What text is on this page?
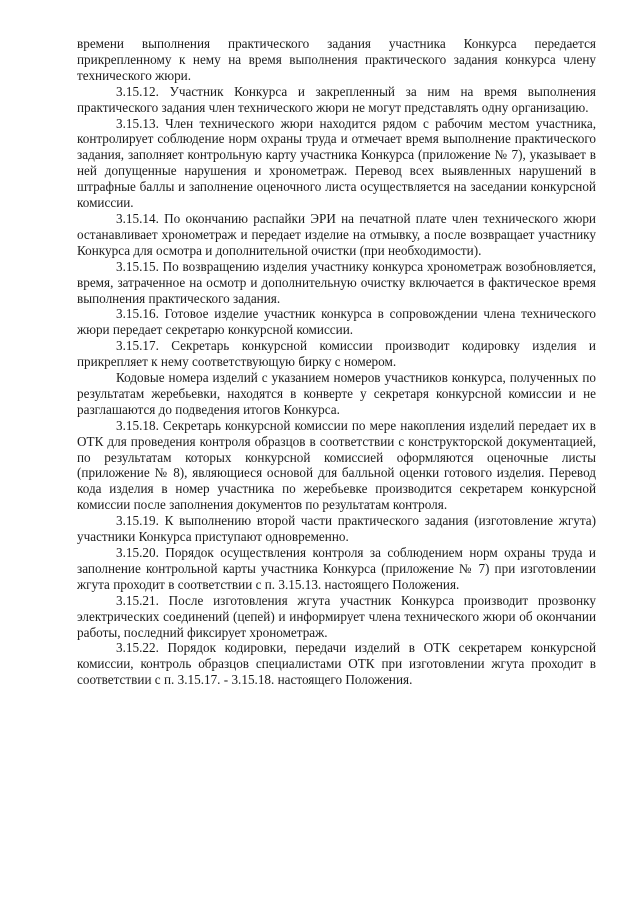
времени выполнения практического задания участника Конкурса передается прикрепленному к нему на время выполнения практического задания конкурса члену технического жюри.

3.15.12. Участник Конкурса и закрепленный за ним на время выполнения практического задания член технического жюри не могут представлять одну организацию.

3.15.13. Член технического жюри находится рядом с рабочим местом участника, контролирует соблюдение норм охраны труда и отмечает время выполнение практического задания, заполняет контрольную карту участника Конкурса (приложение № 7), указывает в ней допущенные нарушения и хронометраж. Перевод всех выявленных нарушений в штрафные баллы и заполнение оценочного листа осуществляется на заседании конкурсной комиссии.

3.15.14. По окончанию распайки ЭРИ на печатной плате член технического жюри останавливает хронометраж и передает изделие на отмывку, а после возвращает участнику Конкурса для осмотра и дополнительной очистки (при необходимости).

3.15.15. По возвращению изделия участнику конкурса хронометраж возобновляется, время, затраченное на осмотр и дополнительную очистку включается в фактическое время выполнения практического задания.

3.15.16. Готовое изделие участник конкурса в сопровождении члена технического жюри передает секретарю конкурсной комиссии.

3.15.17. Секретарь конкурсной комиссии производит кодировку изделия и прикрепляет к нему соответствующую бирку с номером.

Кодовые номера изделий с указанием номеров участников конкурса, полученных по результатам жеребьевки, находятся в конверте у секретаря конкурсной комиссии и не разглашаются до подведения итогов Конкурса.

3.15.18. Секретарь конкурсной комиссии по мере накопления изделий передает их в ОТК для проведения контроля образцов в соответствии с конструкторской документацией, по результатам которых конкурсной комиссией оформляются оценочные листы (приложение № 8), являющиеся основой для балльной оценки готового изделия. Перевод кода изделия в номер участника по жеребьевке производится секретарем конкурсной комиссии после заполнения документов по результатам контроля.

3.15.19. К выполнению второй части практического задания (изготовление жгута) участники Конкурса приступают одновременно.

3.15.20. Порядок осуществления контроля за соблюдением норм охраны труда и заполнение контрольной карты участника Конкурса (приложение № 7) при изготовлении жгута проходит в соответствии с п. 3.15.13. настоящего Положения.

3.15.21. После изготовления жгута участник Конкурса производит прозвонку электрических соединений (цепей) и информирует члена технического жюри об окончании работы, последний фиксирует хронометраж.

3.15.22. Порядок кодировки, передачи изделий в ОТК секретарем конкурсной комиссии, контроль образцов специалистами ОТК при изготовлении жгута проходит в соответствии с п. 3.15.17. - 3.15.18. настоящего Положения.
